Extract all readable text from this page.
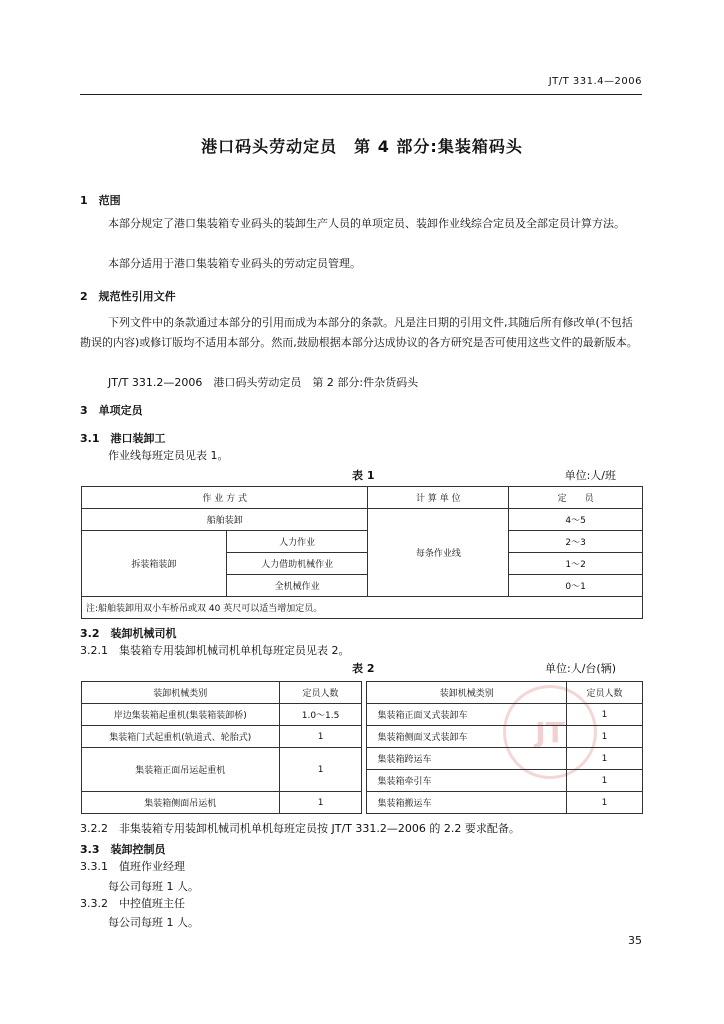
JT/T 331.4—2006
港口码头劳动定员　第 4 部分:集装箱码头
1　范围
本部分规定了港口集装箱专业码头的装卸生产人员的单项定员、装卸作业线综合定员及全部定员计算方法。
本部分适用于港口集装箱专业码头的劳动定员管理。
2　规范性引用文件
下列文件中的条款通过本部分的引用而成为本部分的条款。凡是注日期的引用文件,其随后所有修改单(不包括勘误的内容)或修订版均不适用本部分。然而,鼓励根据本部分达成协议的各方研究是否可使用这些文件的最新版本。
JT/T 331.2—2006　港口码头劳动定员　第 2 部分:件杂货码头
3　单项定员
3.1　港口装卸工
作业线每班定员见表 1。
表 1	单位:人/班
作 业 方 式		计 算 单 位	定　　员
船舶装卸		每条作业线	4～5
拆装箱装卸	人力作业		2～3
	人力借助机械作业		1～2
	全机械作业		0～1
注:船舶装卸用双小车桥吊或双 40 英尺可以适当增加定员。			
3.2　装卸机械司机
3.2.1　集装箱专用装卸机械司机单机每班定员见表 2。
表 2	单位:人/台(辆)
JT
装卸机械类别	定员人数		装卸机械类别	定员人数
岸边集装箱起重机(集装箱装卸桥)	1.0～1.5		集装箱正面叉式装卸车	1
集装箱门式起重机(轨道式、轮胎式)	1		集装箱侧面叉式装卸车	1
集装箱正面吊运起重机	1		集装箱跨运车	1
			集装箱牵引车	1
集装箱侧面吊运机	1		集装箱搬运车	1
3.2.2　非集装箱专用装卸机械司机单机每班定员按 JT/T 331.2—2006 的 2.2 要求配备。
3.3　装卸控制员
3.3.1　值班作业经理
每公司每班 1 人。
3.3.2　中控值班主任
每公司每班 1 人。
35
